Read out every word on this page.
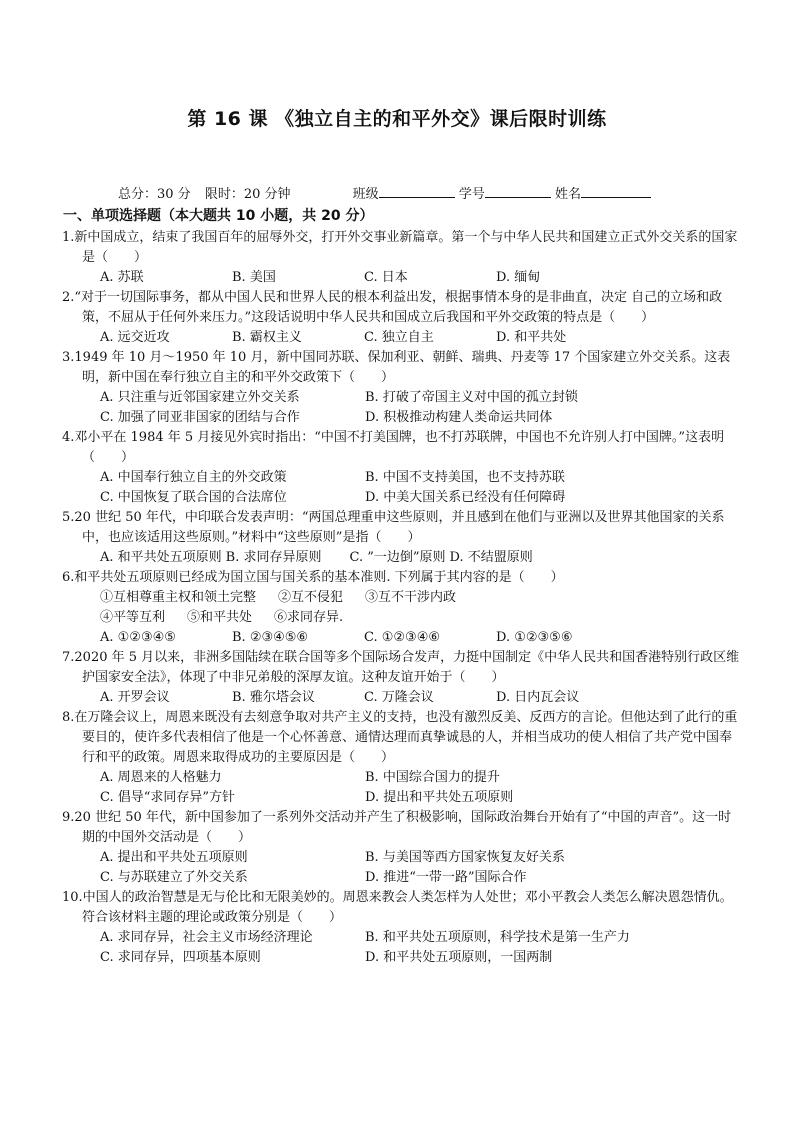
第 16 课 《独立自主的和平外交》课后限时训练
总分：30 分 限时：20 分钟	班级	学号	姓名
一、单项选择题（本大题共 10 小题，共 20 分）
1.新中国成立，结束了我国百年的屈辱外交，打开外交事业新篇章。第一个与中华人民共和国建立正式外交关系的国家是（　　）
A. 苏联	B. 美国	C. 日本	D. 缅甸
2.“对于一切国际事务，都从中国人民和世界人民的根本利益出发，根据事情本身的是非曲直，决定 自己的立场和政策，不屈从于任何外来压力。”这段话说明中华人民共和国成立后我国和平外交政策的特点是（　　）
A. 远交近攻	B. 霸权主义	C. 独立自主	D. 和平共处
3.1949 年 10 月～1950 年 10 月，新中国同苏联、保加利亚、朝鲜、瑞典、丹麦等 17 个国家建立外交关系。这表明，新中国在奉行独立自主的和平外交政策下（　　）
A. 只注重与近邻国家建立外交关系	B. 打破了帝国主义对中国的孤立封锁
C. 加强了同亚非国家的团结与合作	D. 积极推动构建人类命运共同体
4.邓小平在 1984 年 5 月接见外宾时指出：“中国不打美国牌，也不打苏联牌，中国也不允许别人打中国牌。”这表明（　　）
A. 中国奉行独立自主的外交政策	B. 中国不支持美国，也不支持苏联
C. 中国恢复了联合国的合法席位	D. 中美大国关系已经没有任何障碍
5.20 世纪 50 年代，中印联合发表声明：“两国总理重申这些原则，并且感到在他们与亚洲以及世界其他国家的关系中，也应该适用这些原则。”材料中“这些原则”是指（　　）
A. 和平共处五项原则 B. 求同存异原则 C. ”一边倒”原则 D. 不结盟原则
6.和平共处五项原则已经成为国立国与国关系的基本准则. 下列属于其内容的是（　　）
①互相尊重主权和领土完整 ②互不侵犯 ③互不干涉内政
④平等互利 ⑤和平共处 ⑥求同存异.
A. ①②③④⑤	B. ②③④⑤⑥	C. ①②③④⑥	D. ①②③⑤⑥
7.2020 年 5 月以来，非洲多国陆续在联合国等多个国际场合发声，力挺中国制定《中华人民共和国香港特别行政区维护国家安全法》，体现了中非兄弟般的深厚友谊。这种友谊开始于（　　）
A. 开罗会议	B. 雅尔塔会议	C. 万隆会议	D. 日内瓦会议
8.在万隆会议上，周恩来既没有去刻意争取对共产主义的支持，也没有激烈反美、反西方的言论。但他达到了此行的重要目的，使许多代表相信了他是一个心怀善意、通情达理而真挚诚恳的人，并相当成功的使人相信了共产党中国奉行和平的政策。周恩来取得成功的主要原因是（　　）
A. 周恩来的人格魅力	B. 中国综合国力的提升
C. 倡导“求同存异”方针	D. 提出和平共处五项原则
9.20 世纪 50 年代，新中国参加了一系列外交活动并产生了积极影响，国际政治舞台开始有了“中国的声音”。这一时期的中国外交活动是（　　）
A. 提出和平共处五项原则	B. 与美国等西方国家恢复友好关系
C. 与苏联建立了外交关系	D. 推进“一带一路”国际合作
10.中国人的政治智慧是无与伦比和无限美妙的。周恩来教会人类怎样为人处世；邓小平教会人类怎么解决恩怨情仇。符合该材料主题的理论或政策分别是（　　）
A. 求同存异，社会主义市场经济理论	B. 和平共处五项原则，科学技术是第一生产力
C. 求同存异，四项基本原则	D. 和平共处五项原则，一国两制
